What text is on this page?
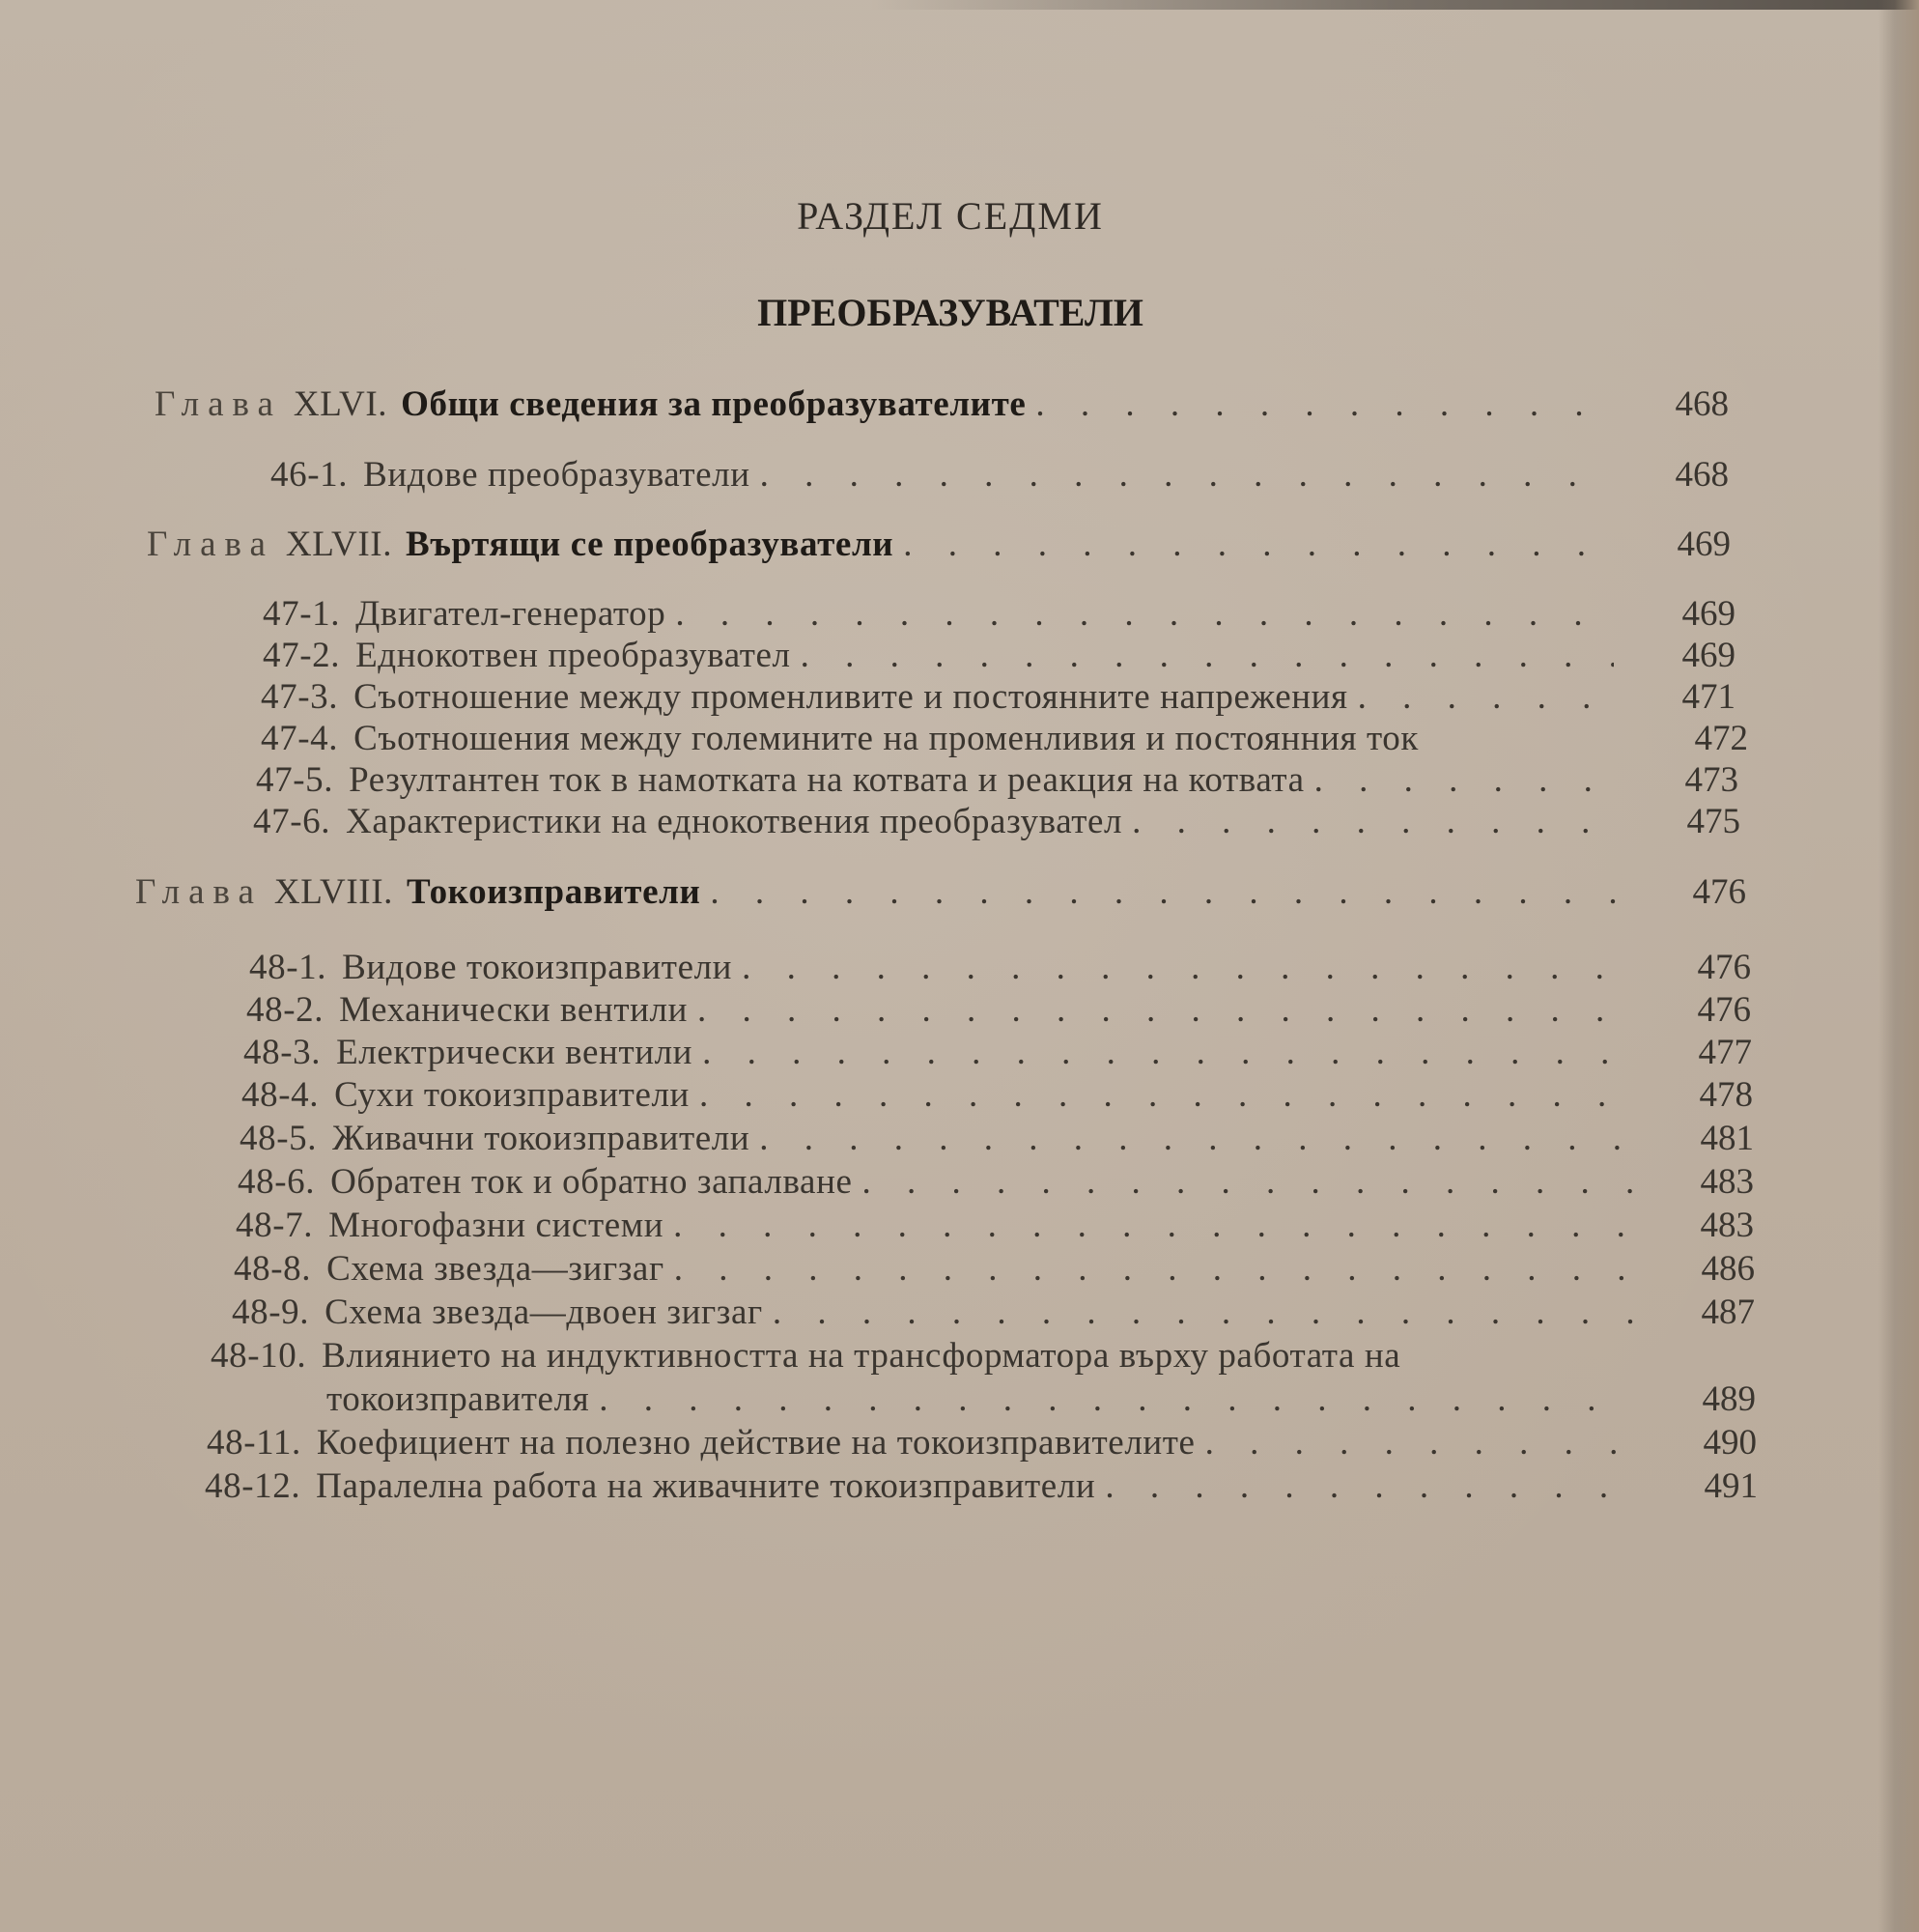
РАЗДЕЛ СЕДМИ
ПРЕОБРАЗУВАТЕЛИ
Глава XLVI. Общи сведения за преобразувателите . . .	468
46-1. Видове преобразуватели . . .	468
Глава XLVII. Въртящи се преобразуватели . . .	469
47-1. Двигател-генератор . . .	469
47-2. Еднокотвен преобразувател . . .	469
47-3. Съотношение между променливите и постоянните напрежения . . .	471
47-4. Съотношения между големините на променливия и постоянния ток	472
47-5. Резултантен ток в намотката на котвата и реакция на котвата . . .	473
47-6. Характеристики на еднокотвения преобразувател . . .	475
Глава XLVIII. Токоизправители . . .	476
48-1. Видове токоизправители . . .	476
48-2. Механически вентили . . .	476
48-3. Електрически вентили . . .	477
48-4. Сухи токоизправители . . .	478
48-5. Живачни токоизправители . . .	481
48-6. Обратен ток и обратно запалване . . .	483
48-7. Многофазни системи . . .	483
48-8. Схема звезда—зигзаг . . .	486
48-9. Схема звезда—двоен зигзаг . . .	487
48-10. Влиянието на индуктивността на трансформатора върху работата на
токоизправителя . . .	489
48-11. Коефициент на полезно действие на токоизправителите . . .	490
48-12. Паралелна работа на живачните токоизправители . . .	491
